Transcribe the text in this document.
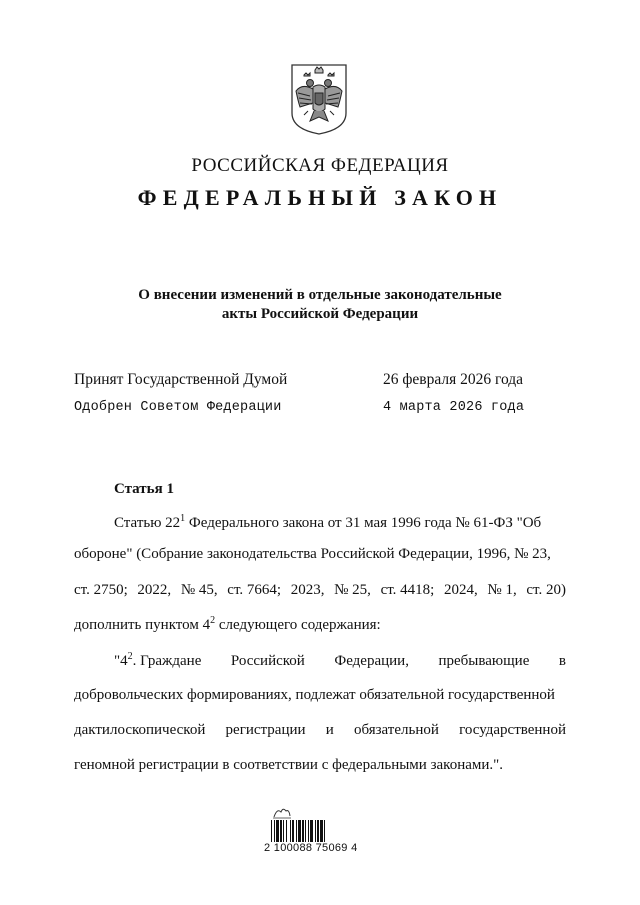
РОССИЙСКАЯ ФЕДЕРАЦИЯ
ФЕДЕРАЛЬНЫЙ ЗАКОН
О внесении изменений в отдельные законодательные
акты Российской Федерации
Принят Государственной Думой	26 февраля 2026 года
Одобрен Советом Федерации	4 марта 2026 года
Статья 1
Статью $22^1$ Федерального закона от 31 мая 1996 года № 61-ФЗ "Об
обороне" (Собрание законодательства Российской Федерации, 1996, № 23,
ст. 2750; 2022, № 45, ст. 7664; 2023, № 25, ст. 4418; 2024, № 1, ст. 20)
дополнить пунктом $4^2$ следующего содержания:
"$4^2$. Граждане Российской Федерации, пребывающие в
добровольческих формированиях, подлежат обязательной государственной
дактилоскопической регистрации и обязательной государственной
геномной регистрации в соответствии с федеральными законами.".
2 100088 75069 4
